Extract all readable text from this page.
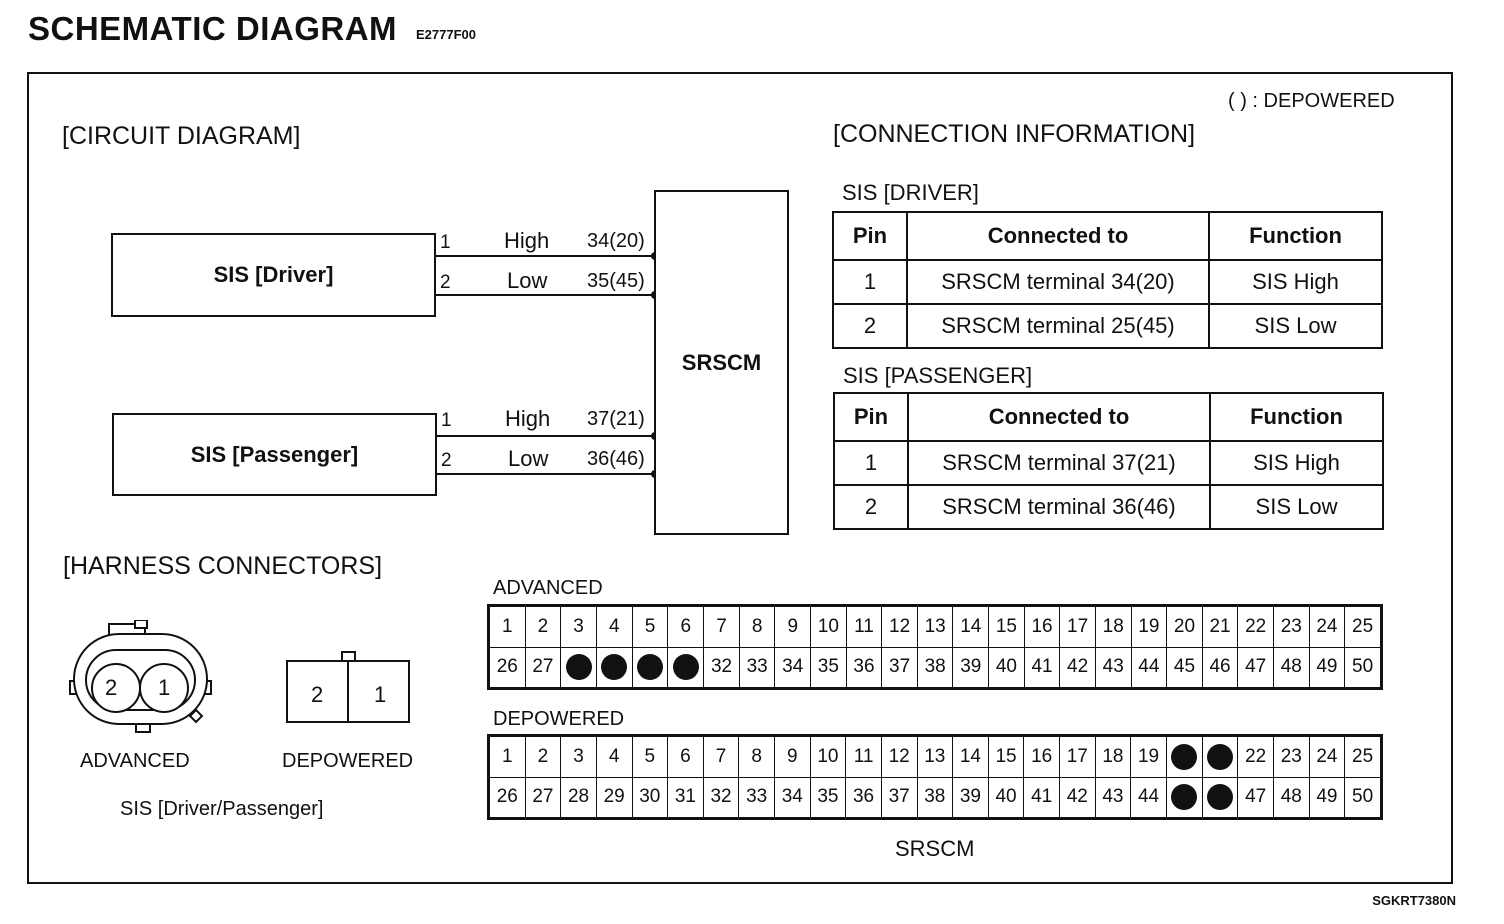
SCHEMATIC DIAGRAM E2777F00
( ) : DEPOWERED
[CIRCUIT DIAGRAM]
SIS [Driver]
SIS [Passenger]
SRSCM
1 High 34(20)
2	Low 35(45)
1 High 37(21)
2	Low 36(46)
[CONNECTION INFORMATION]
SIS [DRIVER]
Pin	Connected to	Function
1	SRSCM terminal 34(20)	SIS High
2	SRSCM terminal 25(45)	SIS Low
SIS [PASSENGER]
Pin	Connected to	Function
1	SRSCM terminal 37(21)	SIS High
2	SRSCM terminal 36(46)	SIS Low
[HARNESS CONNECTORS]
2 1	2 1
ADVANCED	DEPOWERED
SIS [Driver/Passenger]
ADVANCED
1	2	3	4	5	6	7	8	9	10	11	12	13	14	15	16	17	18	19	20	21	22	23	24	25
26	27					32	33	34	35	36	37	38	39	40	41	42	43	44	45	46	47	48	49	50
DEPOWERED
1	2	3	4	5	6	7	8	9	10	11	12	13	14	15	16	17	18	19			22	23	24	25
26	27	28	29	30	31	32	33	34	35	36	37	38	39	40	41	42	43	44			47	48	49	50
SRSCM
SGKRT7380N
